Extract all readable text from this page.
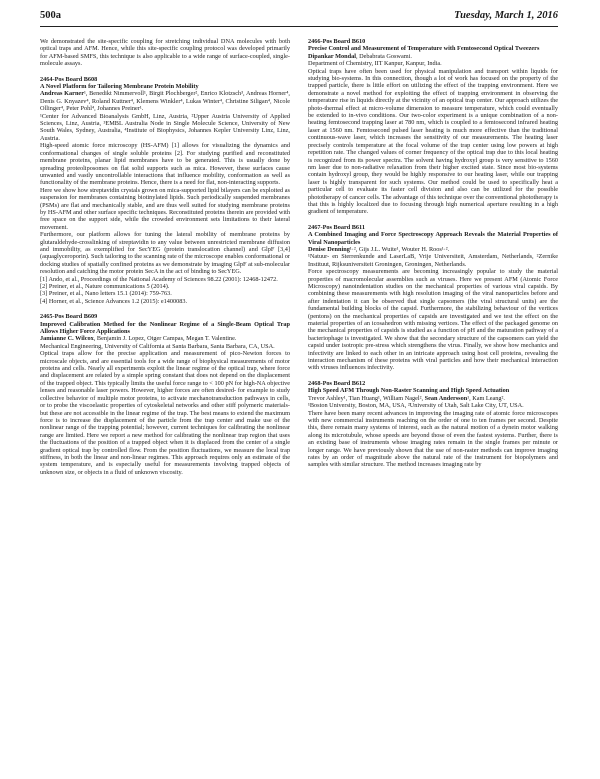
500a	Tuesday, March 1, 2016

We demonstrated the site-specific coupling for stretching individual DNA molecules with both optical traps and AFM. Hence, while this site-specific coupling protocol was developed primarily for AFM-based SMFS, this technique is also applicable to a wide range of surface-coupled, single-molecule assays.

2464-Pos Board B608
A Novel Platform for Tailoring Membrane Protein Mobility
Andreas Karner¹, Benedikt Nimmervoll¹, Birgit Plochberger², Enrico Klotzsch³, Andreas Horner⁴, Denis G. Knyazev⁴, Roland Kuttner⁴, Klemens Winkler⁴, Lukas Winter⁴, Christine Siligan⁴, Nicole Ollinger⁴, Peter Pohl⁴, Johannes Preiner¹.
¹Center for Advanced Bioanalysis GmbH, Linz, Austria, ²Upper Austria University of Applied Sciences, Linz, Austria, ³EMBL Australia Node in Single Molecule Science, University of New South Wales, Sydney, Australia, ⁴Institute of Biophysics, Johannes Kepler University Linz, Linz, Austria.

High-speed atomic force microscopy (HS-AFM) [1] allows for visualizing the dynamics and conformational changes of single soluble proteins [2]. For studying purified and reconstituted membrane proteins, planar lipid membranes have to be generated. This is usually done by spreading proteoliposomes on flat solid supports such as mica. However, these surfaces cause unwanted and vastly uncontrollable interactions that influence mobility, conformation as well as functionality of the membrane proteins. Hence, there is a need for flat, non-interacting supports.

Here we show how streptavidin crystals grown on mica-supported lipid bilayers can be exploited as suspension for membranes containing biotinylated lipids. Such periodically suspended membranes (PSMs) are flat and mechanically stable, and are thus well suited for studying membrane proteins by HS-AFM and other surface specific techniques. Reconstituted proteins therein are provided with free space on the support side, while the crowded environment sets limitations to their lateral movement.

Furthermore, our platform allows for tuning the lateral mobility of membrane proteins by glutaraldehyde-crosslinking of streptavidin to any value between unrestricted membrane diffusion and immobility, as exemplified for SecYEG (protein translocation channel) and GlpF [3,4] (aquaglyceroporin). Such tailoring to the scanning rate of the microscope enables conformational or docking studies of spatially confined proteins as we demonstrate by imaging GlpF at sub-molecular resolution and catching the motor protein SecA in the act of binding to SecYEG.

[1] Ando, et al., Proceedings of the National Academy of Sciences 98.22 (2001): 12468-12472.
[2] Preiner, et al., Nature communications 5 (2014).
[3] Preiner, et al., Nano letters 15.1 (2014): 759-763.
[4] Horner, et al., Science Advances 1.2 (2015): e1400083.
2465-Pos Board B609
Improved Calibration Method for the Nonlinear Regime of a Single-Beam Optical Trap Allows Higher Force Applications
Jamianne C. Wilcox, Benjamin J. Lopez, Otger Campas, Megan T. Valentine.
Mechanical Engineering, University of California at Santa Barbara, Santa Barbara, CA, USA.

Optical traps allow for the precise application and measurement of pico-Newton forces to microscale objects, and are essential tools for a wide range of biophysical measurements of motor proteins and cells. Nearly all experiments exploit the linear regime of the optical trap, where force and displacement are related by a simple spring constant that does not depend on the displacement of the trapped object. This typically limits the useful force range to < 100 pN for high-NA objective lenses and reasonable laser powers. However, higher forces are often desired- for example to study collective behavior of multiple motor proteins, to activate mechanotransduction pathways in cells, or to probe the viscoelastic properties of cytoskeletal networks and other stiff polymeric materials-but these are not accessible in the linear regime of the trap. The best means to extend the maximum force is to increase the displacement of the particle from the trap center and make use of the nonlinear range of the trapping potential; however, current techniques for calibrating the nonlinear range are limited. Here we report a new method for calibrating the nonlinear trap region that uses the fluctuations of the position of a trapped object when it is displaced from the center of a single gradient optical trap by controlled flow. From the position fluctuations, we measure the local trap stiffness, in both the linear and non-linear regimes. This approach requires only an estimate of the system temperature, and is especially useful for measurements involving trapped objects of unknown size, or objects in a fluid of unknown viscosity.

2466-Pos Board B610
Precise Control and Measurement of Temperature with Femtosecond Optical Tweezers
Dipankar Mondal, Debabrata Goswami.
Department of Chemistry, IIT Kanpur, Kanpur, India.

Optical traps have often been used for physical manipulation and transport within liquids for studying bio-systems. In this connection, though a lot of work has focused on the property of the trapped particle, there is little effort on utilizing the effect of the trapping environment. Here we demonstrate a novel method for exploiting the effect of trapping environment in observing the temperature rise in liquids directly at the vicinity of an optical trap center. Our approach utilizes the photo-thermal effect at micro-volume dimension to measure temperature, which could eventually be extended to in-vivo conditions. Our two-color experiment is a unique combination of a non-heating femtosecond trapping laser at 780 nm, which is coupled to a femtosecond infrared heating laser at 1560 nm. Femtosecond pulsed laser heating is much more effective than the traditional continuous-wave laser, which increases the sensitivity of our measurements. The heating laser precisely controls temperature at the focal volume of the trap center using low powers at high repetition rate. The changed values of corner frequency of the optical trap due to this local heating is recognized from its power spectra. The solvent having hydroxyl group is very sensitive to 1560 nm laser due to non-radiative relaxation from their higher excited state. Since most bio-systems contain hydroxyl group, they would be highly responsive to our heating laser, while our trapping laser is highly transparent for such systems. Our method could be used to specifically heat a particular cell to evaluate its faster cell division and also can be utilized for the possible phototherapy of cancer cells. The advantage of this technique over the conventional phototherapy is that this is highly localized due to focusing through high numerical aperture resulting in a high gradient of temperature.

2467-Pos Board B611
A Combined Imaging and Force Spectroscopy Approach Reveals the Material Properties of Viral Nanoparticles
Denise Denning¹·², Gijs J.L. Wuite¹, Wouter H. Roos¹·².
¹Natuur- en Sterrenkunde and LaserLaB, Vrije Universiteit, Amsterdam, Netherlands, ²Zernike Instituut, Rijksuniversiteit Groningen, Groningen, Netherlands.

Force spectroscopy measurements are becoming increasingly popular to study the material properties of macromolecular assemblies such as viruses. Here we present AFM (Atomic Force Microscopy) nanoindentation studies on the mechanical properties of various viral capsids. By combining these measurements with high resolution imaging of the viral nanoparticles before and after indentation it can be observed that single capsomers (the viral structural units) are the fundamental building blocks of the capsid. Furthermore, the stabilizing behaviour of the vertices (pentons) on the mechanical properties of capsids are investigated and we test the effect on the material properties of an icosahedron with missing vertices. The effect of the packaged genome on the mechanical properties of capsids is studied as a function of pH and the maturation pathway of a bacteriophage is investigated. We show that the secondary structure of the capsomers can yield the capsid under isotropic pre-stress which strengthens the virus. Finally, we show how mechanics and infectivity are linked to each other in an intricate approach using host cell proteins, revealing the interaction mechanism of these proteins with viral particles and how their mechanical interaction with viruses influences infectivity.

2468-Pos Board B612
High Speed AFM Through Non-Raster Scanning and High Speed Actuation
Trevor Ashley¹, Tian Huang¹, William Nagel², Sean Andersson¹, Kam Leang².
¹Boston University, Boston, MA, USA, ²University of Utah, Salt Lake City, UT, USA.

There have been many recent advances in improving the imaging rate of atomic force microscopes with new commercial instruments reaching on the order of one to ten frames per second. Despite this, there remain many systems of interest, such as the natural motion of a dynein motor walking along its microtubule, whose speeds are beyond those of even the fastest systems. Further, there is an existing base of instruments whose imaging rates remain in the single frames per minute or longer range. We have previously shown that the use of non-raster methods can improve imaging rates by an order of magnitude above the natural rate of the instrument for biopolymers and samples with similar structure. The method increases imaging rate by
